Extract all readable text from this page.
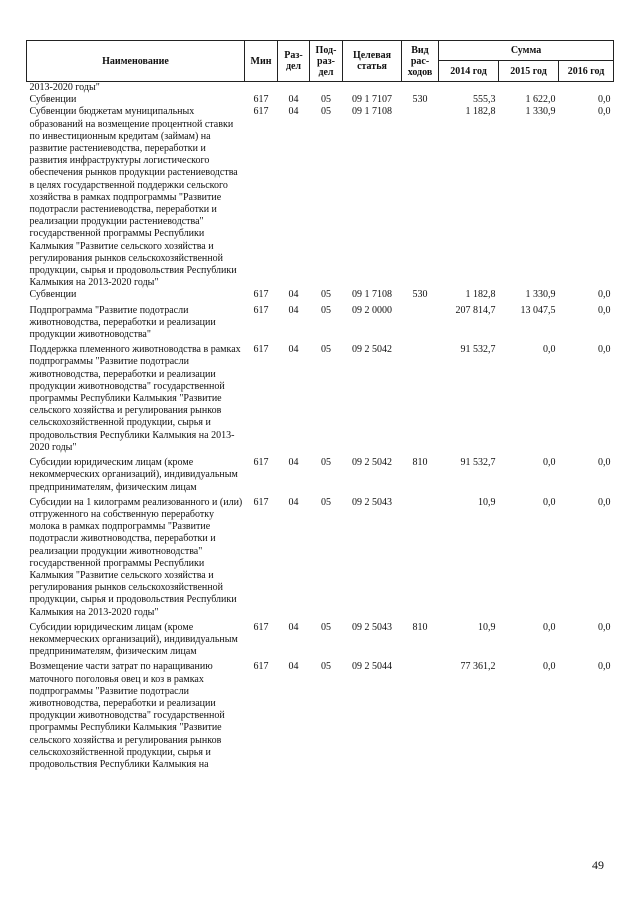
Наименование	Мин	Раз-дел	Под-раз-дел	Целевая статья	Вид рас-ходов	Сумма		
						2014 год	2015 год	2016 год
2013-2020 годы"								
Субвенции	617	04	05	09 1 7107	530	555,3	1 622,0	0,0
Субвенции бюджетам муниципальных образований на возмещение процентной ставки по инвестиционным кредитам (займам) на развитие растениеводства, переработки и развития инфраструктуры логистического обеспечения рынков продукции растениеводства в целях государственной поддержки сельского хозяйства в рамках подпрограммы "Развитие подотрасли растениеводства, переработки и реализации продукции растениеводства" государственной программы Республики Калмыкия "Развитие сельского хозяйства и регулирования рынков сельскохозяйственной продукции, сырья и продовольствия Республики Калмыкия на 2013-2020 годы"	617	04	05	09 1 7108		1 182,8	1 330,9	0,0
Субвенции	617	04	05	09 1 7108	530	1 182,8	1 330,9	0,0
Подпрограмма "Развитие подотрасли животноводства, переработки и реализации продукции животноводства"	617	04	05	09 2 0000		207 814,7	13 047,5	0,0
Поддержка племенного животноводства в рамках подпрограммы "Развитие подотрасли животноводства, переработки и реализации продукции животноводства" государственной программы Республики Калмыкия "Развитие сельского хозяйства и регулирования рынков сельскохозяйственной продукции, сырья и продовольствия Республики Калмыкия на 2013-2020 годы"	617	04	05	09 2 5042		91 532,7	0,0	0,0
Субсидии юридическим лицам (кроме некоммерческих организаций), индивидуальным предпринимателям, физическим лицам	617	04	05	09 2 5042	810	91 532,7	0,0	0,0
Субсидии на 1 килограмм реализованного и (или) отгруженного на собственную переработку молока в рамках подпрограммы "Развитие подотрасли животноводства, переработки и реализации продукции животноводства" государственной программы Республики Калмыкия "Развитие сельского хозяйства и регулирования рынков сельскохозяйственной продукции, сырья и продовольствия Республики Калмыкия на 2013-2020 годы"	617	04	05	09 2 5043		10,9	0,0	0,0
Субсидии юридическим лицам (кроме некоммерческих организаций), индивидуальным предпринимателям, физическим лицам	617	04	05	09 2 5043	810	10,9	0,0	0,0
Возмещение части затрат по наращиванию маточного поголовья овец и коз в рамках подпрограммы "Развитие подотрасли животноводства, переработки и реализации продукции животноводства" государственной программы Республики Калмыкия "Развитие сельского хозяйства и регулирования рынков сельскохозяйственной продукции, сырья и продовольствия Республики Калмыкия на	617	04	05	09 2 5044		77 361,2	0,0	0,0
49
